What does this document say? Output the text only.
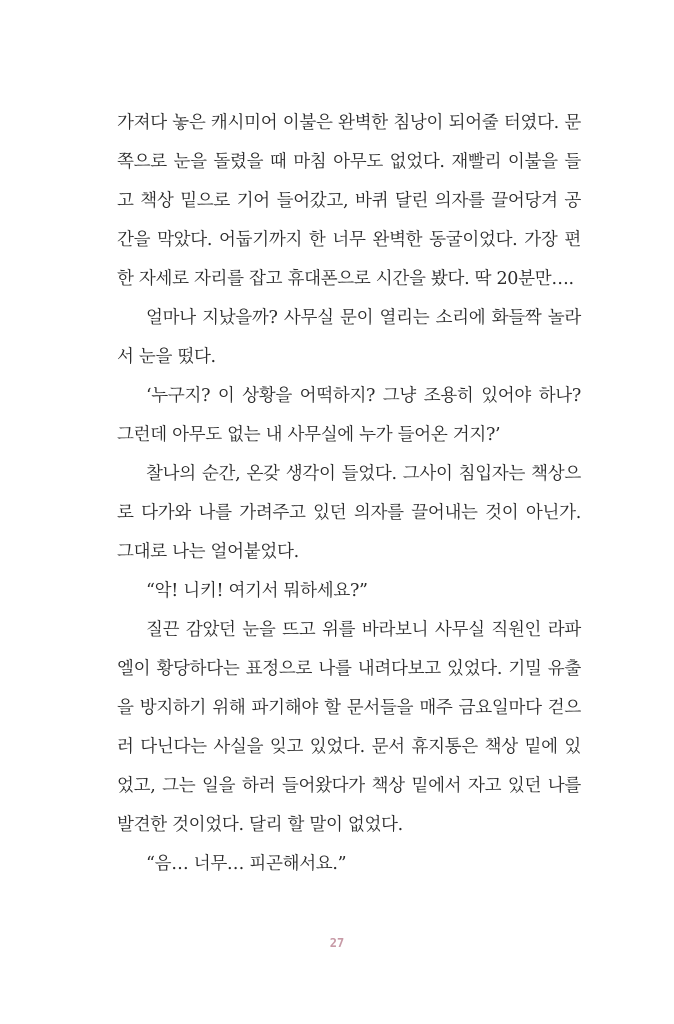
가져다 놓은 캐시미어 이불은 완벽한 침낭이 되어줄 터였다. 문
쪽으로 눈을 돌렸을 때 마침 아무도 없었다. 재빨리 이불을 들
고 책상 밑으로 기어 들어갔고, 바퀴 달린 의자를 끌어당겨 공
간을 막았다. 어둡기까지 한 너무 완벽한 동굴이었다. 가장 편
한 자세로 자리를 잡고 휴대폰으로 시간을 봤다. 딱 20분만….
얼마나 지났을까? 사무실 문이 열리는 소리에 화들짝 놀라
서 눈을 떴다.
‘누구지? 이 상황을 어떡하지? 그냥 조용히 있어야 하나?
그런데 아무도 없는 내 사무실에 누가 들어온 거지?’
찰나의 순간, 온갖 생각이 들었다. 그사이 침입자는 책상으
로 다가와 나를 가려주고 있던 의자를 끌어내는 것이 아닌가.
그대로 나는 얼어붙었다.
“악! 니키! 여기서 뭐하세요?”
질끈 감았던 눈을 뜨고 위를 바라보니 사무실 직원인 라파
엘이 황당하다는 표정으로 나를 내려다보고 있었다. 기밀 유출
을 방지하기 위해 파기해야 할 문서들을 매주 금요일마다 걷으
러 다닌다는 사실을 잊고 있었다. 문서 휴지통은 책상 밑에 있
었고, 그는 일을 하러 들어왔다가 책상 밑에서 자고 있던 나를
발견한 것이었다. 달리 할 말이 없었다.
“음… 너무… 피곤해서요.”
27
